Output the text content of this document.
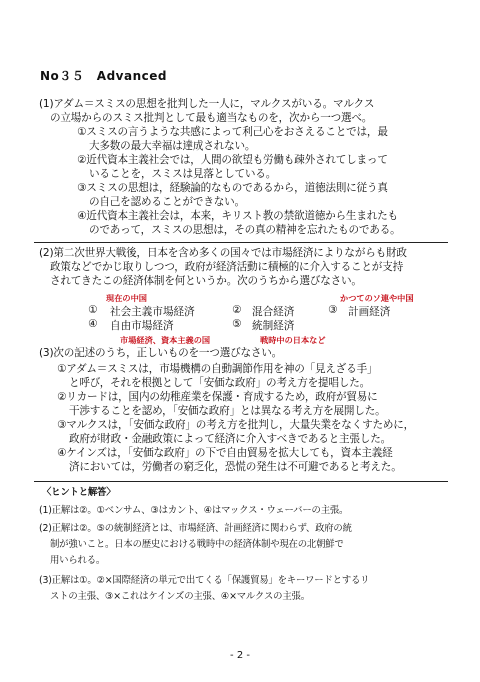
No３５　Advanced
(1)アダム＝スミスの思想を批判した一人に，マルクスがいる。マルクス
の立場からのスミス批判として最も適当なものを，次から一つ選べ。
①スミスの言うような共感によって利己心をおさえることでは，最
大多数の最大幸福は達成されない。
②近代資本主義社会では，人間の欲望も労働も疎外されてしまって
いることを，スミスは見落としている。
③スミスの思想は，経験論的なものであるから，道徳法則に従う真
の自己を認めることができない。
④近代資本主義社会は，本来，キリスト教の禁欲道徳から生まれたも
のであって，スミスの思想は，その真の精神を忘れたものである。
(2)第二次世界大戦後，日本を含め多くの国々では市場経済によりながらも財政
政策などでかじ取りしつつ，政府が経済活動に積極的に介入することが支持
されてきたこの経済体制を何というか。次のうちから選びなさい。
現在の中国	かつてのソ連や中国
① 社会主義市場経済	② 混合経済	③ 計画経済
④ 自由市場経済	⑤ 統制経済
市場経済、資本主義の国	戦時中の日本など
(3)次の記述のうち，正しいものを一つ選びなさい。
①アダム＝スミスは，市場機構の自動調節作用を神の「見えざる手」
と呼び，それを根拠として「安価な政府」の考え方を提唱した。
②リカードは，国内の幼稚産業を保護・育成するため，政府が貿易に
干渉することを認め，「安価な政府」とは異なる考え方を展開した。
③マルクスは，「安価な政府」の考え方を批判し，大量失業をなくすために，
政府が財政・金融政策によって経済に介入すべきであると主張した。
④ケインズは，「安価な政府」の下で自由貿易を拡大しても，資本主義経
済においては，労働者の窮乏化，恐慌の発生は不可避であると考えた。
〈ヒントと解答〉
(1)正解は②。①ベンサム、③はカント、④はマックス・ウェーバーの主張。
(2)正解は②。⑤の統制経済とは、市場経済、計画経済に関わらず、政府の統
制が強いこと。日本の歴史における戦時中の経済体制や現在の北朝鮮で
用いられる。
(3)正解は①。②×国際経済の単元で出てくる「保護貿易」をキーワードとするリ
ストの主張、③×これはケインズの主張、④×マルクスの主張。
- 2 -
